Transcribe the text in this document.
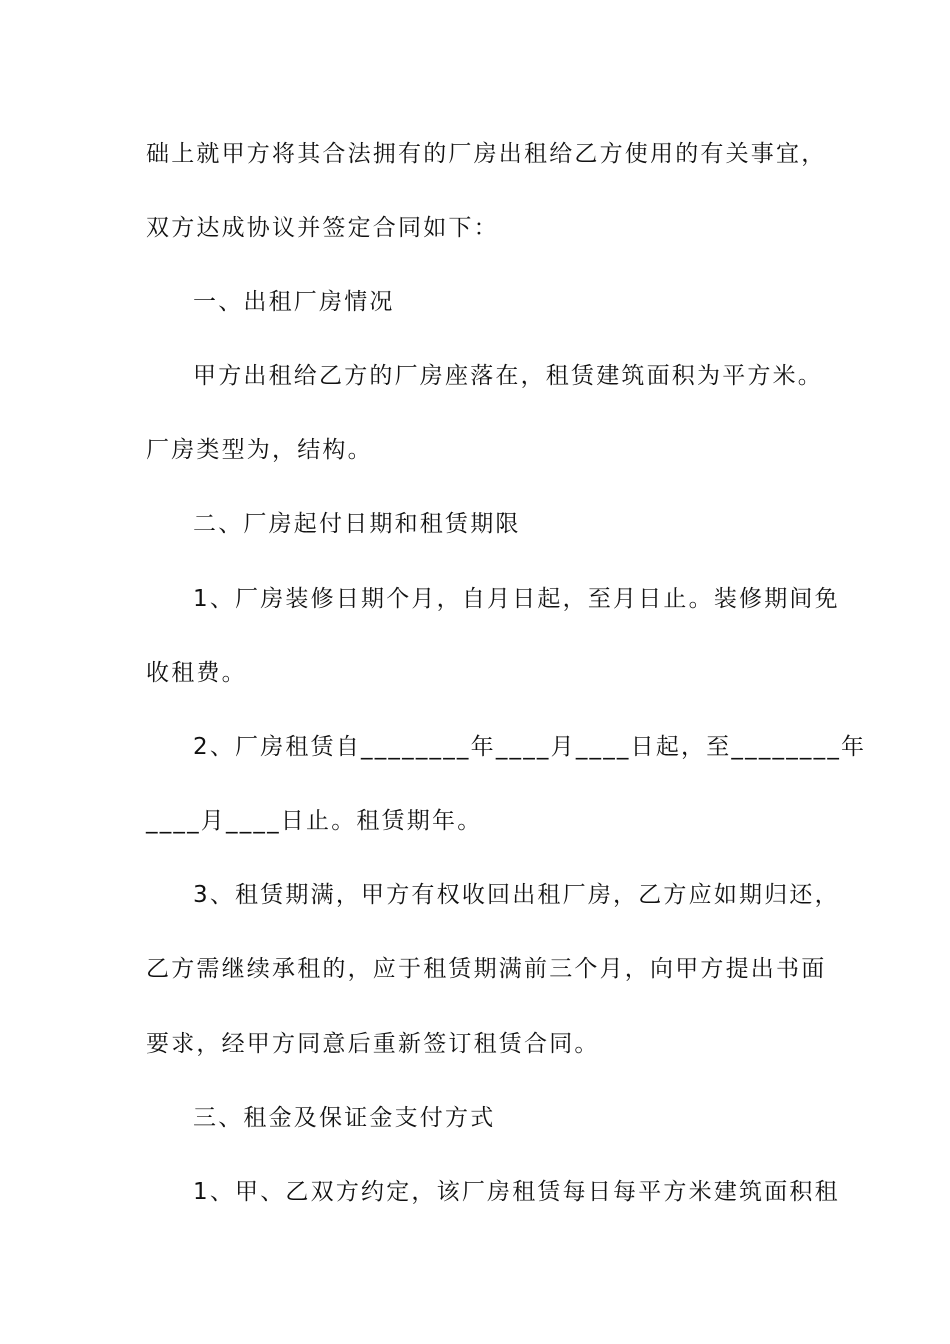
础上就甲方将其合法拥有的厂房出租给乙方使用的有关事宜，
双方达成协议并签定合同如下：
一、出租厂房情况
甲方出租给乙方的厂房座落在，租赁建筑面积为平方米。
厂房类型为，结构。
二、厂房起付日期和租赁期限
1、厂房装修日期个月，自月日起，至月日止。装修期间免
收租费。
2、厂房租赁自________年____月____日起，至________年
____月____日止。租赁期年。
3、租赁期满，甲方有权收回出租厂房，乙方应如期归还，
乙方需继续承租的，应于租赁期满前三个月，向甲方提出书面
要求，经甲方同意后重新签订租赁合同。
三、租金及保证金支付方式
1、甲、乙双方约定，该厂房租赁每日每平方米建筑面积租
